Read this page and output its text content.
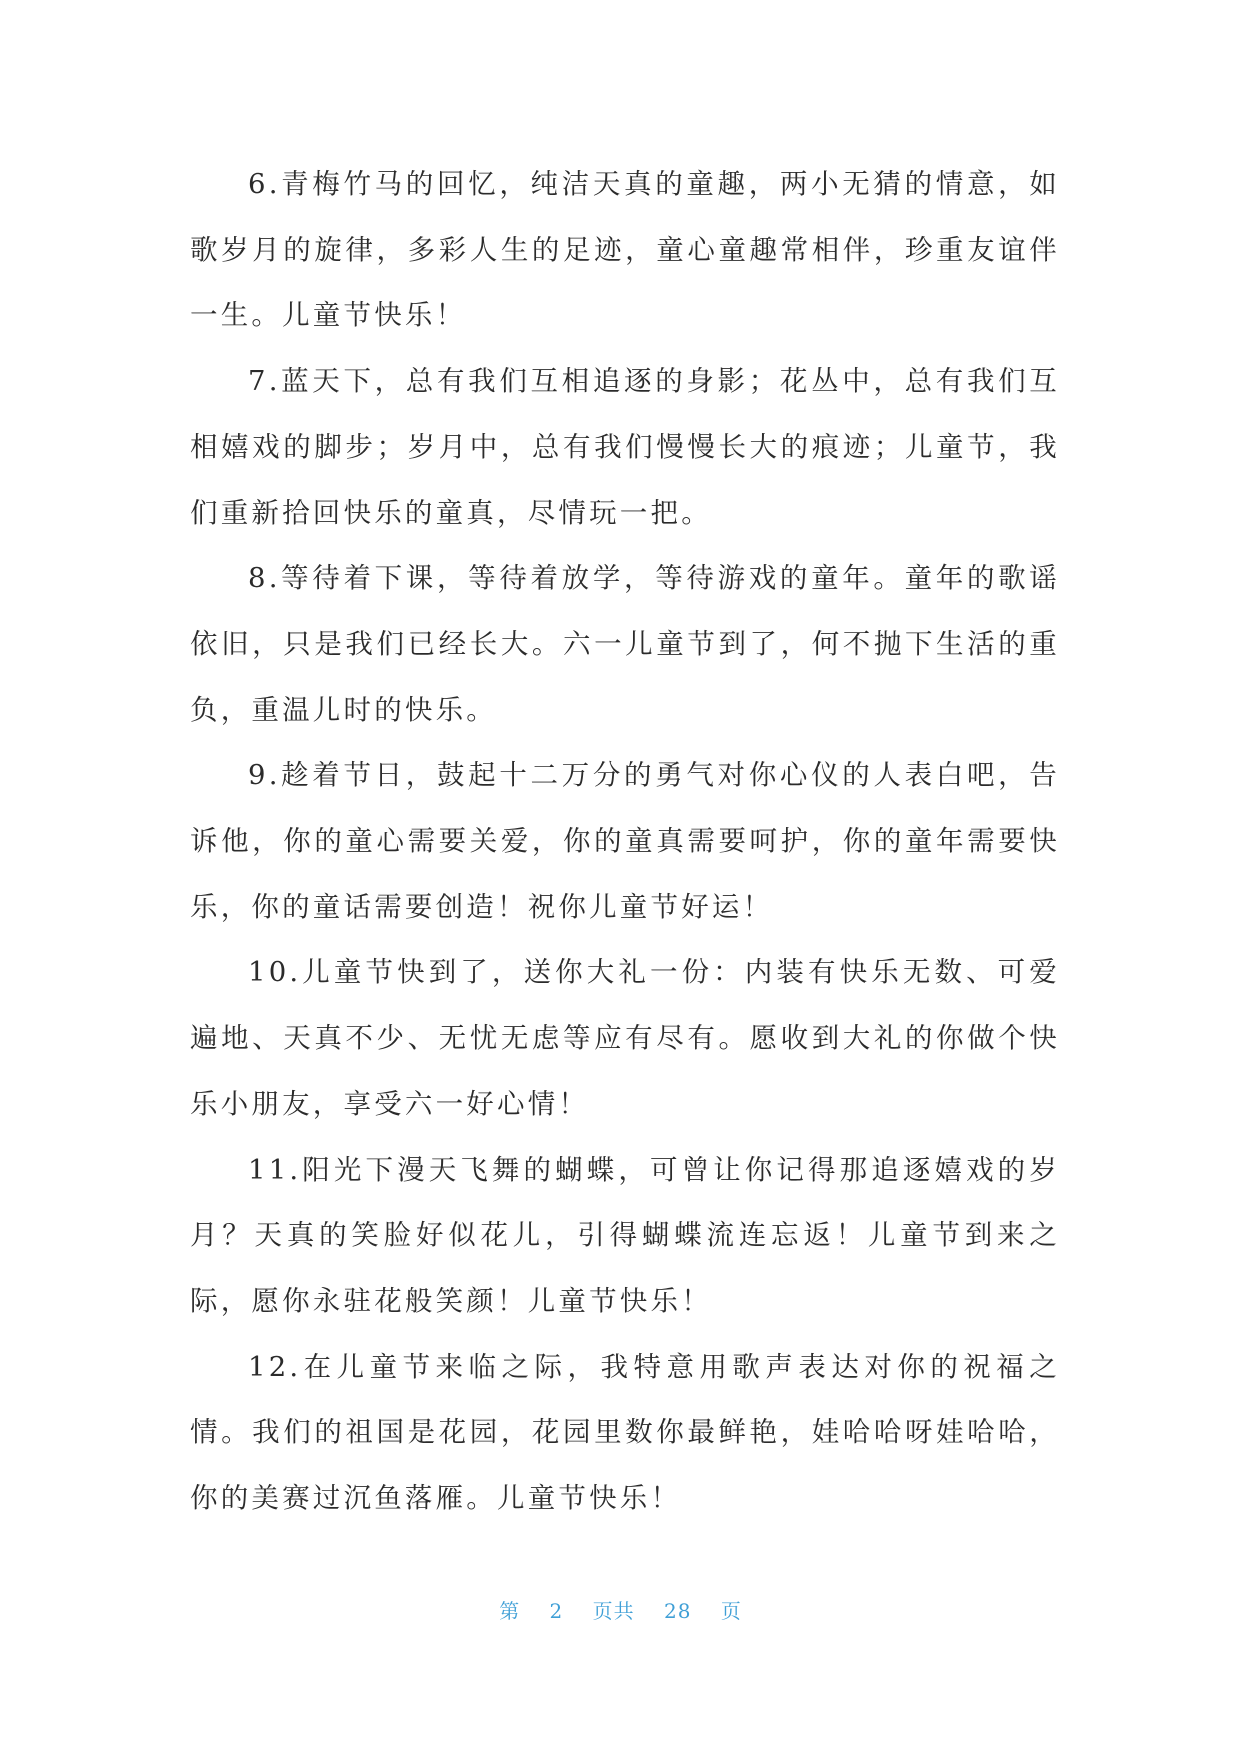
6.青梅竹马的回忆，纯洁天真的童趣，两小无猜的情意，如歌岁月的旋律，多彩人生的足迹，童心童趣常相伴，珍重友谊伴一生。儿童节快乐！

7.蓝天下，总有我们互相追逐的身影；花丛中，总有我们互相嬉戏的脚步；岁月中，总有我们慢慢长大的痕迹；儿童节，我们重新拾回快乐的童真，尽情玩一把。

8.等待着下课，等待着放学，等待游戏的童年。童年的歌谣依旧，只是我们已经长大。六一儿童节到了，何不抛下生活的重负，重温儿时的快乐。

9.趁着节日，鼓起十二万分的勇气对你心仪的人表白吧，告诉他，你的童心需要关爱，你的童真需要呵护，你的童年需要快乐，你的童话需要创造！祝你儿童节好运！

10.儿童节快到了，送你大礼一份：内装有快乐无数、可爱遍地、天真不少、无忧无虑等应有尽有。愿收到大礼的你做个快乐小朋友，享受六一好心情！

11.阳光下漫天飞舞的蝴蝶，可曾让你记得那追逐嬉戏的岁月？天真的笑脸好似花儿，引得蝴蝶流连忘返！儿童节到来之际，愿你永驻花般笑颜！儿童节快乐！

12.在儿童节来临之际，我特意用歌声表达对你的祝福之情。我们的祖国是花园，花园里数你最鲜艳，娃哈哈呀娃哈哈，你的美赛过沉鱼落雁。儿童节快乐！

第 2 页共 28 页
